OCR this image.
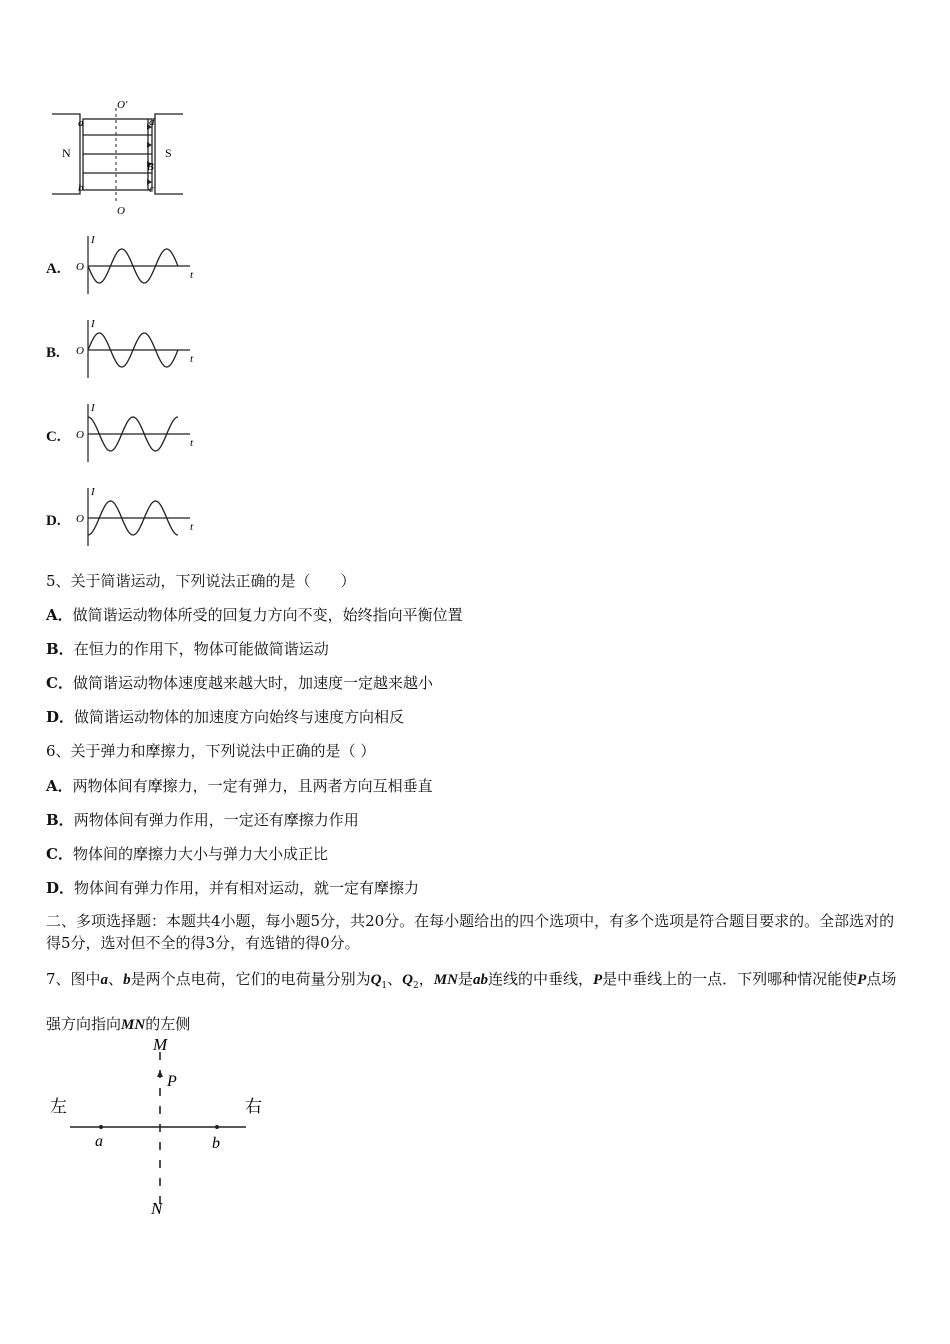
O′
O
N	S
a
b
d
B
c
A.
I
t
O
B.
I
t
O
C.
I
t
O
D.
I
t
O
5、关于简谐运动，下列说法正确的是（　　）
A．做简谐运动物体所受的回复力方向不变，始终指向平衡位置
B．在恒力的作用下，物体可能做简谐运动
C．做简谐运动物体速度越来越大时，加速度一定越来越小
D．做简谐运动物体的加速度方向始终与速度方向相反
6、关于弹力和摩擦力，下列说法中正确的是（ ）
A．两物体间有摩擦力，一定有弹力，且两者方向互相垂直
B．两物体间有弹力作用，一定还有摩擦力作用
C．物体间的摩擦力大小与弹力大小成正比
D．物体间有弹力作用，并有相对运动，就一定有摩擦力
二、多项选择题：本题共4小题，每小题5分，共20分。在每小题给出的四个选项中，有多个选项是符合题目要求的。全部选对的得5分，选对但不全的得3分，有选错的得0分。
7、图中a、b是两个点电荷，它们的电荷量分别为$Q_1$、$Q_2$，MN是ab连线的中垂线，P是中垂线上的一点．下列哪种情况能使P点场强方向指向MN的左侧
M
P
左	右
a	b
N
